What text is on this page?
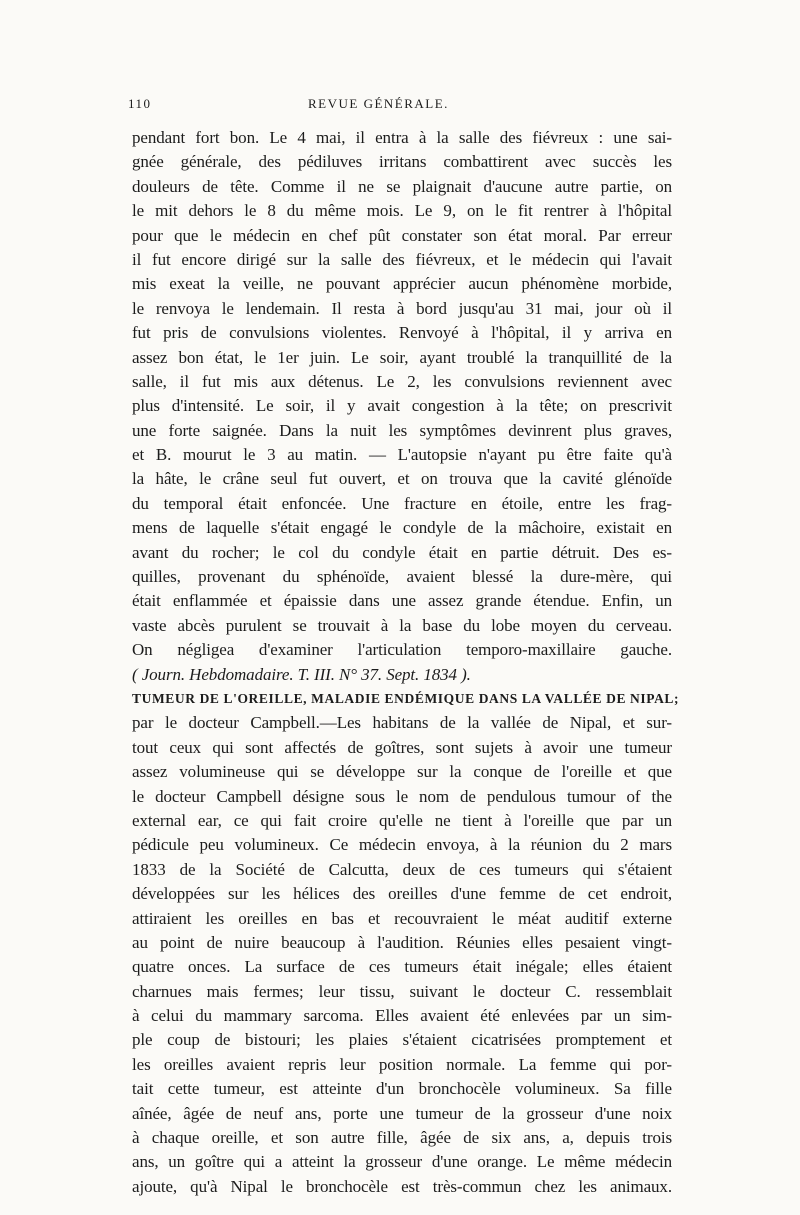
110	REVUE GÉNÉRALE.
pendant fort bon. Le 4 mai, il entra à la salle des fiévreux : une sai-
gnée générale, des pédiluves irritans combattirent avec succès les
douleurs de tête. Comme il ne se plaignait d'aucune autre partie, on
le mit dehors le 8 du même mois. Le 9, on le fit rentrer à l'hôpital
pour que le médecin en chef pût constater son état moral. Par erreur
il fut encore dirigé sur la salle des fiévreux, et le médecin qui l'avait
mis exeat la veille, ne pouvant apprécier aucun phénomène morbide,
le renvoya le lendemain. Il resta à bord jusqu'au 31 mai, jour où il
fut pris de convulsions violentes. Renvoyé à l'hôpital, il y arriva en
assez bon état, le 1er juin. Le soir, ayant troublé la tranquillité de la
salle, il fut mis aux détenus. Le 2, les convulsions reviennent avec
plus d'intensité. Le soir, il y avait congestion à la tête; on prescrivit
une forte saignée. Dans la nuit les symptômes devinrent plus graves,
et B. mourut le 3 au matin. — L'autopsie n'ayant pu être faite qu'à
la hâte, le crâne seul fut ouvert, et on trouva que la cavité glénoïde
du temporal était enfoncée. Une fracture en étoile, entre les frag-
mens de laquelle s'était engagé le condyle de la mâchoire, existait en
avant du rocher; le col du condyle était en partie détruit. Des es-
quilles, provenant du sphénoïde, avaient blessé la dure-mère, qui
était enflammée et épaissie dans une assez grande étendue. Enfin, un
vaste abcès purulent se trouvait à la base du lobe moyen du cerveau.
On négligea d'examiner l'articulation temporo-maxillaire gauche.
( Journ. Hebdomadaire. T. III. N° 37. Sept. 1834 ).
TUMEUR DE L'OREILLE, MALADIE ENDÉMIQUE DANS LA VALLÉE DE NIPAL;
par le docteur Campbell.—Les habitans de la vallée de Nipal, et sur-
tout ceux qui sont affectés de goîtres, sont sujets à avoir une tumeur
assez volumineuse qui se développe sur la conque de l'oreille et que
le docteur Campbell désigne sous le nom de pendulous tumour of the
external ear, ce qui fait croire qu'elle ne tient à l'oreille que par un
pédicule peu volumineux. Ce médecin envoya, à la réunion du 2 mars
1833 de la Société de Calcutta, deux de ces tumeurs qui s'étaient
développées sur les hélices des oreilles d'une femme de cet endroit,
attiraient les oreilles en bas et recouvraient le méat auditif externe
au point de nuire beaucoup à l'audition. Réunies elles pesaient vingt-
quatre onces. La surface de ces tumeurs était inégale; elles étaient
charnues mais fermes; leur tissu, suivant le docteur C. ressemblait
à celui du mammary sarcoma. Elles avaient été enlevées par un sim-
ple coup de bistouri; les plaies s'étaient cicatrisées promptement et
les oreilles avaient repris leur position normale. La femme qui por-
tait cette tumeur, est atteinte d'un bronchocèle volumineux. Sa fille
aînée, âgée de neuf ans, porte une tumeur de la grosseur d'une noix
à chaque oreille, et son autre fille, âgée de six ans, a, depuis trois
ans, un goître qui a atteint la grosseur d'une orange. Le même médecin
ajoute, qu'à Nipal le bronchocèle est très-commun chez les animaux.
